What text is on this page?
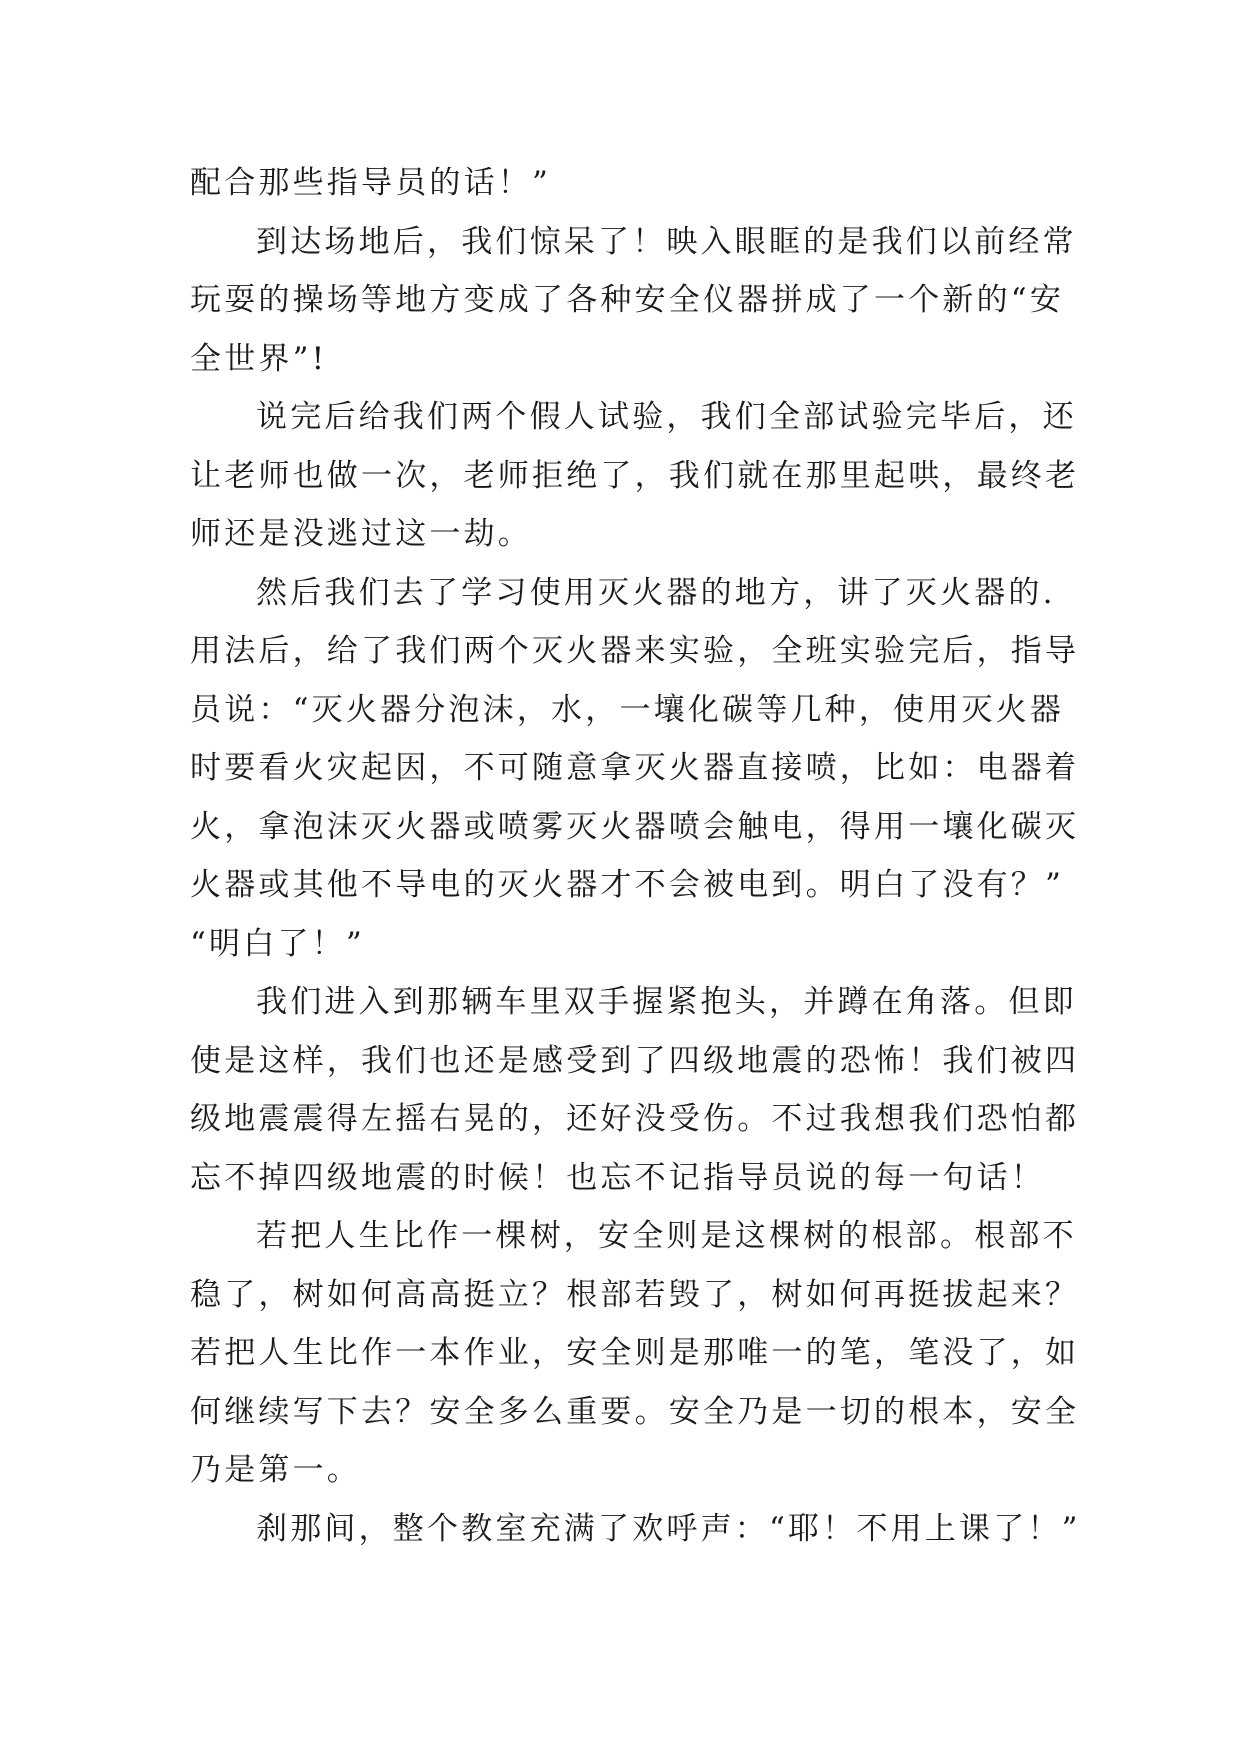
配合那些指导员的话！”
到达场地后，我们惊呆了！映入眼眶的是我们以前经常
玩耍的操场等地方变成了各种安全仪器拼成了一个新的“安
全世界”!
说完后给我们两个假人试验，我们全部试验完毕后，还
让老师也做一次，老师拒绝了，我们就在那里起哄，最终老
师还是没逃过这一劫。
然后我们去了学习使用灭火器的地方，讲了灭火器的.
用法后，给了我们两个灭火器来实验，全班实验完后，指导
员说：“灭火器分泡沫，水，一壤化碳等几种，使用灭火器
时要看火灾起因，不可随意拿灭火器直接喷，比如：电器着
火，拿泡沫灭火器或喷雾灭火器喷会触电，得用一壤化碳灭
火器或其他不导电的灭火器才不会被电到。明白了没有？”
“明白了！”
我们进入到那辆车里双手握紧抱头，并蹲在角落。但即
使是这样，我们也还是感受到了四级地震的恐怖！我们被四
级地震震得左摇右晃的，还好没受伤。不过我想我们恐怕都
忘不掉四级地震的时候！也忘不记指导员说的每一句话！
若把人生比作一棵树，安全则是这棵树的根部。根部不
稳了，树如何高高挺立？根部若毁了，树如何再挺拔起来？
若把人生比作一本作业，安全则是那唯一的笔，笔没了，如
何继续写下去？安全多么重要。安全乃是一切的根本，安全
乃是第一。
刹那间，整个教室充满了欢呼声：“耶！不用上课了！”
